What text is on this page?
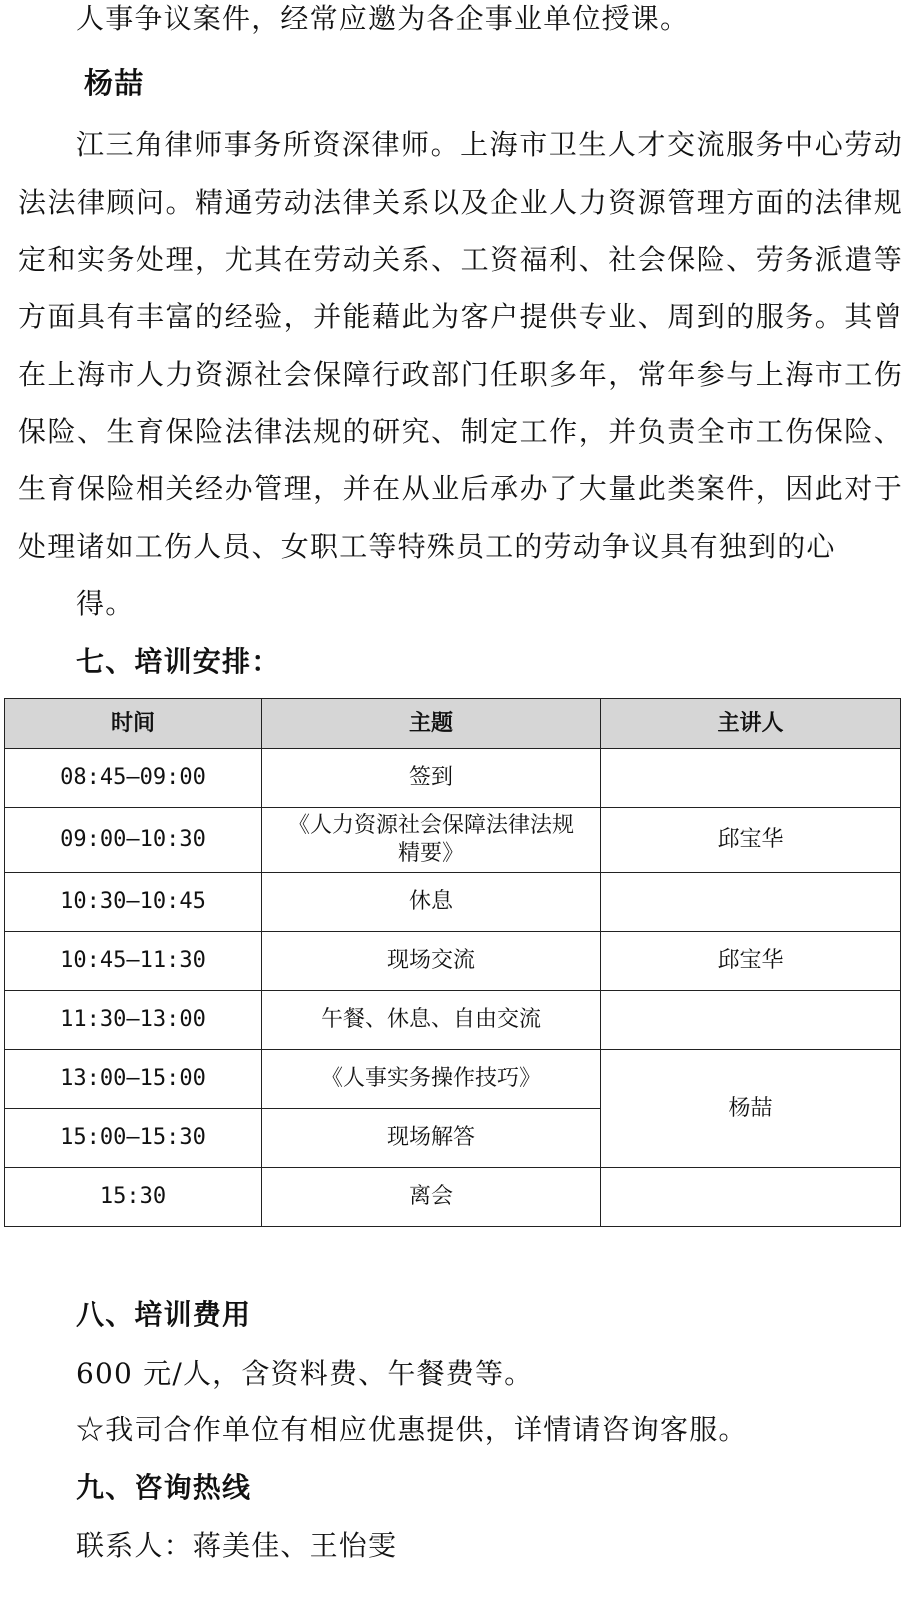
人事争议案件，经常应邀为各企事业单位授课。
杨喆
江三角律师事务所资深律师。上海市卫生人才交流服务中心劳动
法法律顾问。精通劳动法律关系以及企业人力资源管理方面的法律规
定和实务处理，尤其在劳动关系、工资福利、社会保险、劳务派遣等
方面具有丰富的经验，并能藉此为客户提供专业、周到的服务。其曾
在上海市人力资源社会保障行政部门任职多年，常年参与上海市工伤
保险、生育保险法律法规的研究、制定工作，并负责全市工伤保险、
生育保险相关经办管理，并在从业后承办了大量此类案件，因此对于
处理诸如工伤人员、女职工等特殊员工的劳动争议具有独到的心
得。
七、培训安排：
时间	主题	主讲人
08:45—09:00	签到	
09:00—10:30	《人力资源社会保障法律法规精要》	邱宝华
10:30—10:45	休息	
10:45—11:30	现场交流	邱宝华
11:30—13:00	午餐、休息、自由交流	
13:00—15:00	《人事实务操作技巧》	杨喆
15:00—15:30	现场解答	
15:30	离会	
八、培训费用
600 元/人，含资料费、午餐费等。
☆我司合作单位有相应优惠提供，详情请咨询客服。
九、咨询热线
联系人：蒋美佳、王怡雯
